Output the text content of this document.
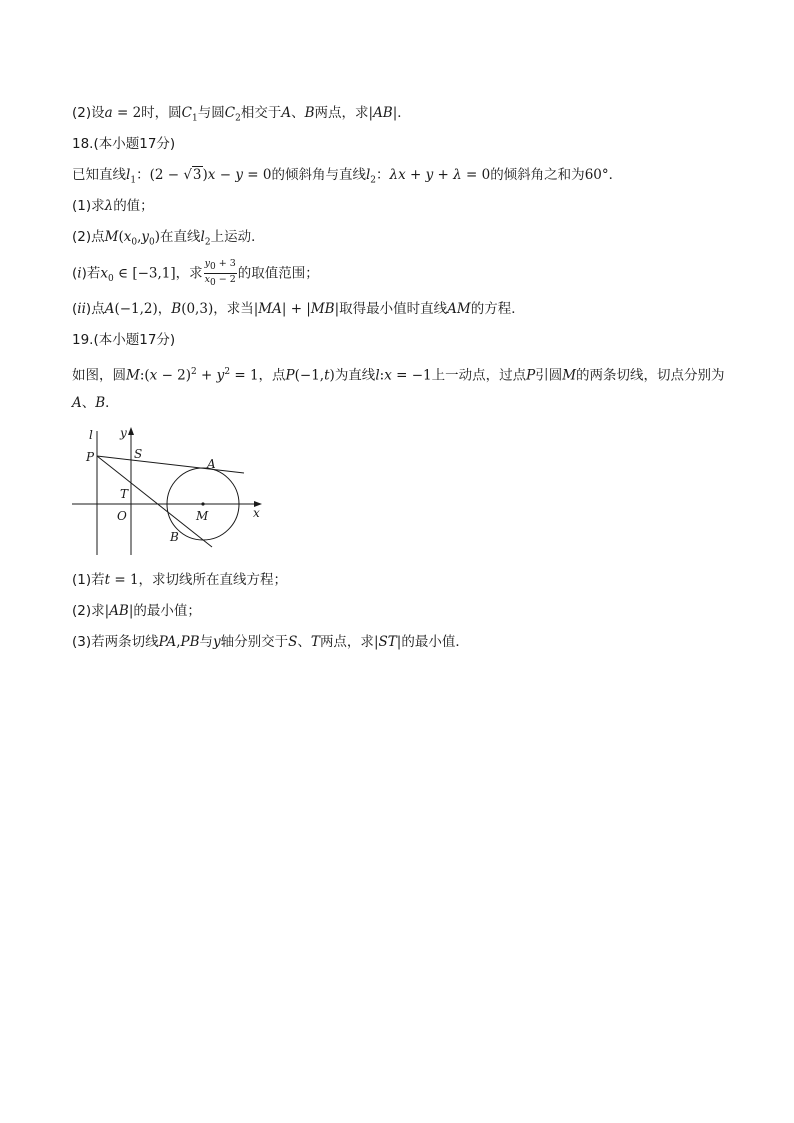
(2)设a = 2时，圆$C_1$与圆$C_2$相交于A、B两点，求|AB|．
18.(本小题17分)
已知直线$l_1$：(2 − √3)x − y = 0的倾斜角与直线$l_2$：λx + y + λ = 0的倾斜角之和为60°．
(1)求λ的值；
(2)点$M(x_0,y_0)$在直线$l_2$上运动．
(i)若$x_0$ ∈ [−3,1]，求 $\frac{y_0 + 3}{x_0 - 2}$ 的取值范围；
(ii)点A(−1,2)，B(0,3)，求当|MA| + |MB|取得最小值时直线AM的方程．
19.(本小题17分)
如图，圆M:(x − $2)^2 + y^2 = 1$，点P(−1,t)为直线l:x = −1上一动点，过点P引圆M的两条切线，切点分别为
A、B．
l y
P	S
A
T
O	M	x
B
(1)若t = 1，求切线所在直线方程；
(2)求|AB|的最小值；
(3)若两条切线PA,PB与y轴分别交于S、T两点，求|ST|的最小值．
